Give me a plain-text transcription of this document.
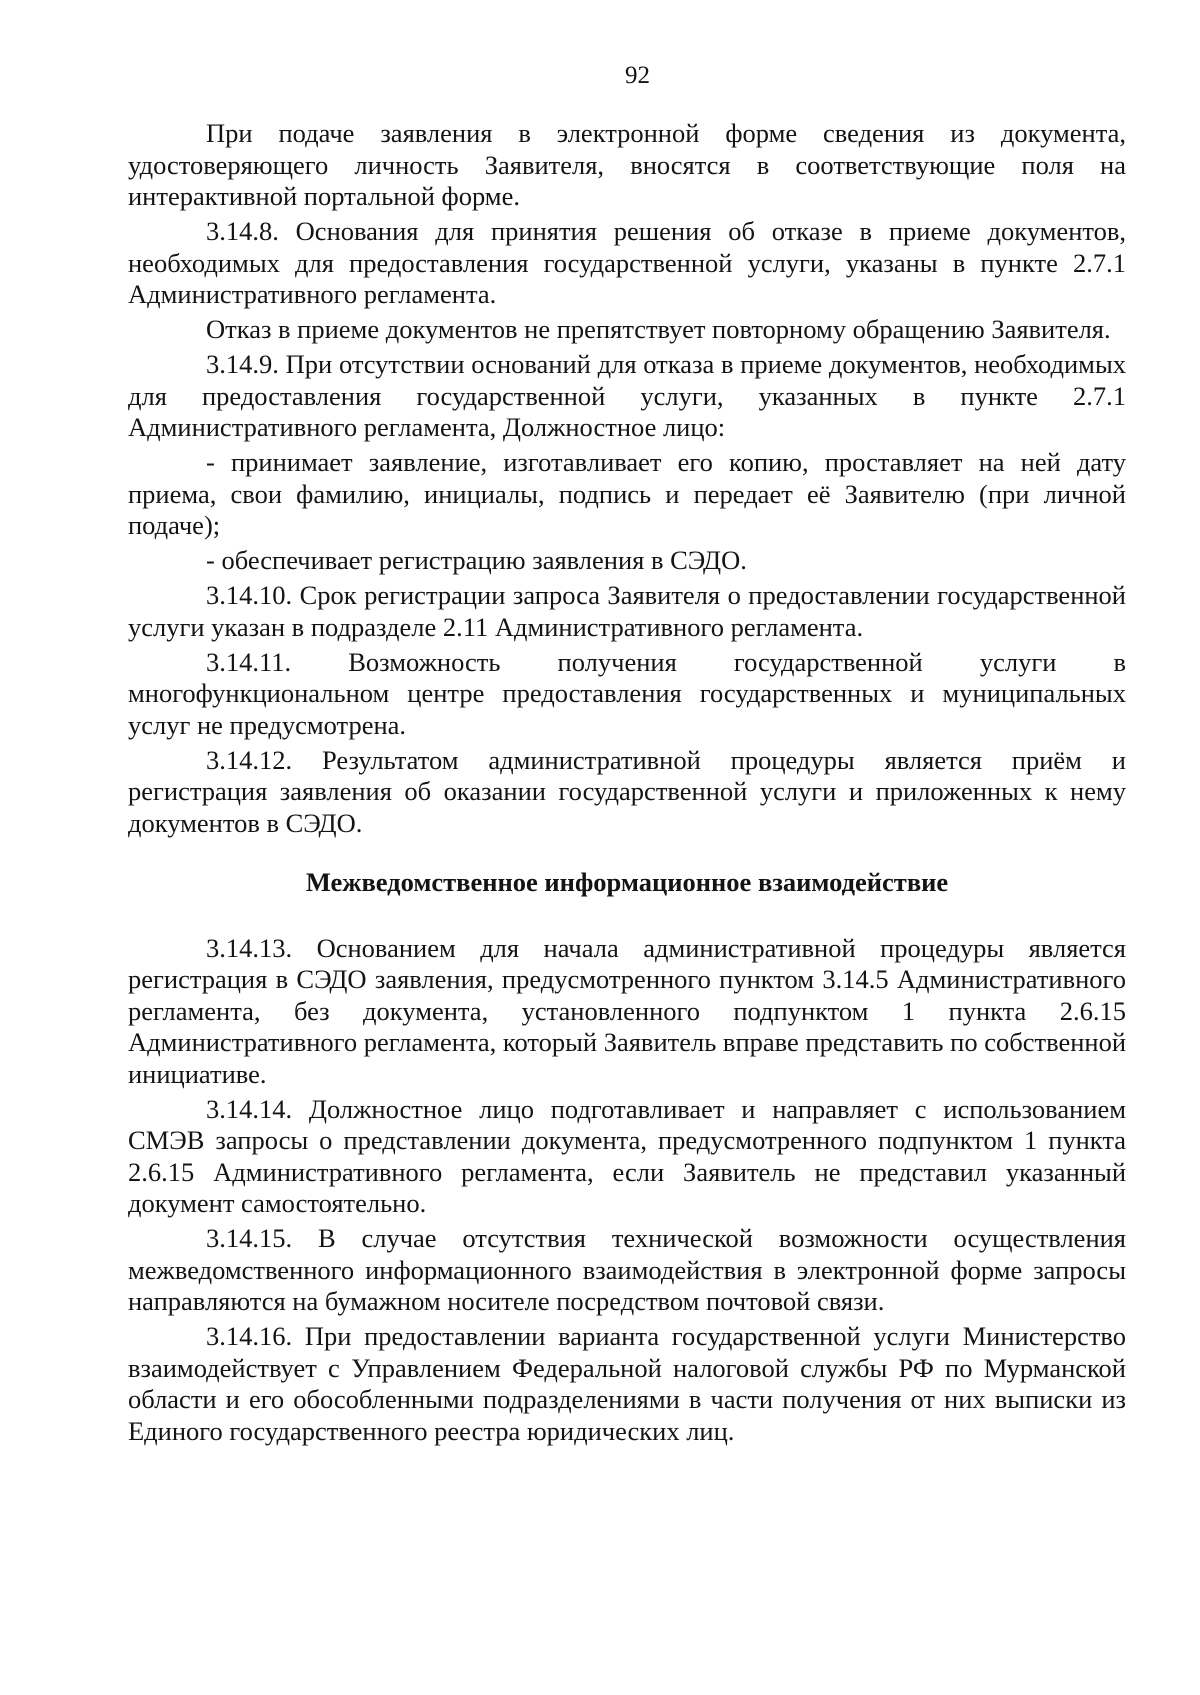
92

При подаче заявления в электронной форме сведения из документа, удостоверяющего личность Заявителя, вносятся в соответствующие поля на интерактивной портальной форме.

3.14.8. Основания для принятия решения об отказе в приеме документов, необходимых для предоставления государственной услуги, указаны в пункте 2.7.1 Административного регламента.

Отказ в приеме документов не препятствует повторному обращению Заявителя.

3.14.9. При отсутствии оснований для отказа в приеме документов, необходимых для предоставления государственной услуги, указанных в пункте 2.7.1 Административного регламента, Должностное лицо:

- принимает заявление, изготавливает его копию, проставляет на ней дату приема, свои фамилию, инициалы, подпись и передает её Заявителю (при личной подаче);

- обеспечивает регистрацию заявления в СЭДО.

3.14.10. Срок регистрации запроса Заявителя о предоставлении государственной услуги указан в подразделе 2.11 Административного регламента.

3.14.11. Возможность получения государственной услуги в многофункциональном центре предоставления государственных и муниципальных услуг не предусмотрена.

3.14.12. Результатом административной процедуры является приём и регистрация заявления об оказании государственной услуги и приложенных к нему документов в СЭДО.

Межведомственное информационное взаимодействие

3.14.13. Основанием для начала административной процедуры является регистрация в СЭДО заявления, предусмотренного пунктом 3.14.5 Административного регламента, без документа, установленного подпунктом 1 пункта 2.6.15 Административного регламента, который Заявитель вправе представить по собственной инициативе.

3.14.14. Должностное лицо подготавливает и направляет с использованием СМЭВ запросы о представлении документа, предусмотренного подпунктом 1 пункта 2.6.15 Административного регламента, если Заявитель не представил указанный документ самостоятельно.

3.14.15. В случае отсутствия технической возможности осуществления межведомственного информационного взаимодействия в электронной форме запросы направляются на бумажном носителе посредством почтовой связи.

3.14.16. При предоставлении варианта государственной услуги Министерство взаимодействует с Управлением Федеральной налоговой службы РФ по Мурманской области и его обособленными подразделениями в части получения от них выписки из Единого государственного реестра юридических лиц.
